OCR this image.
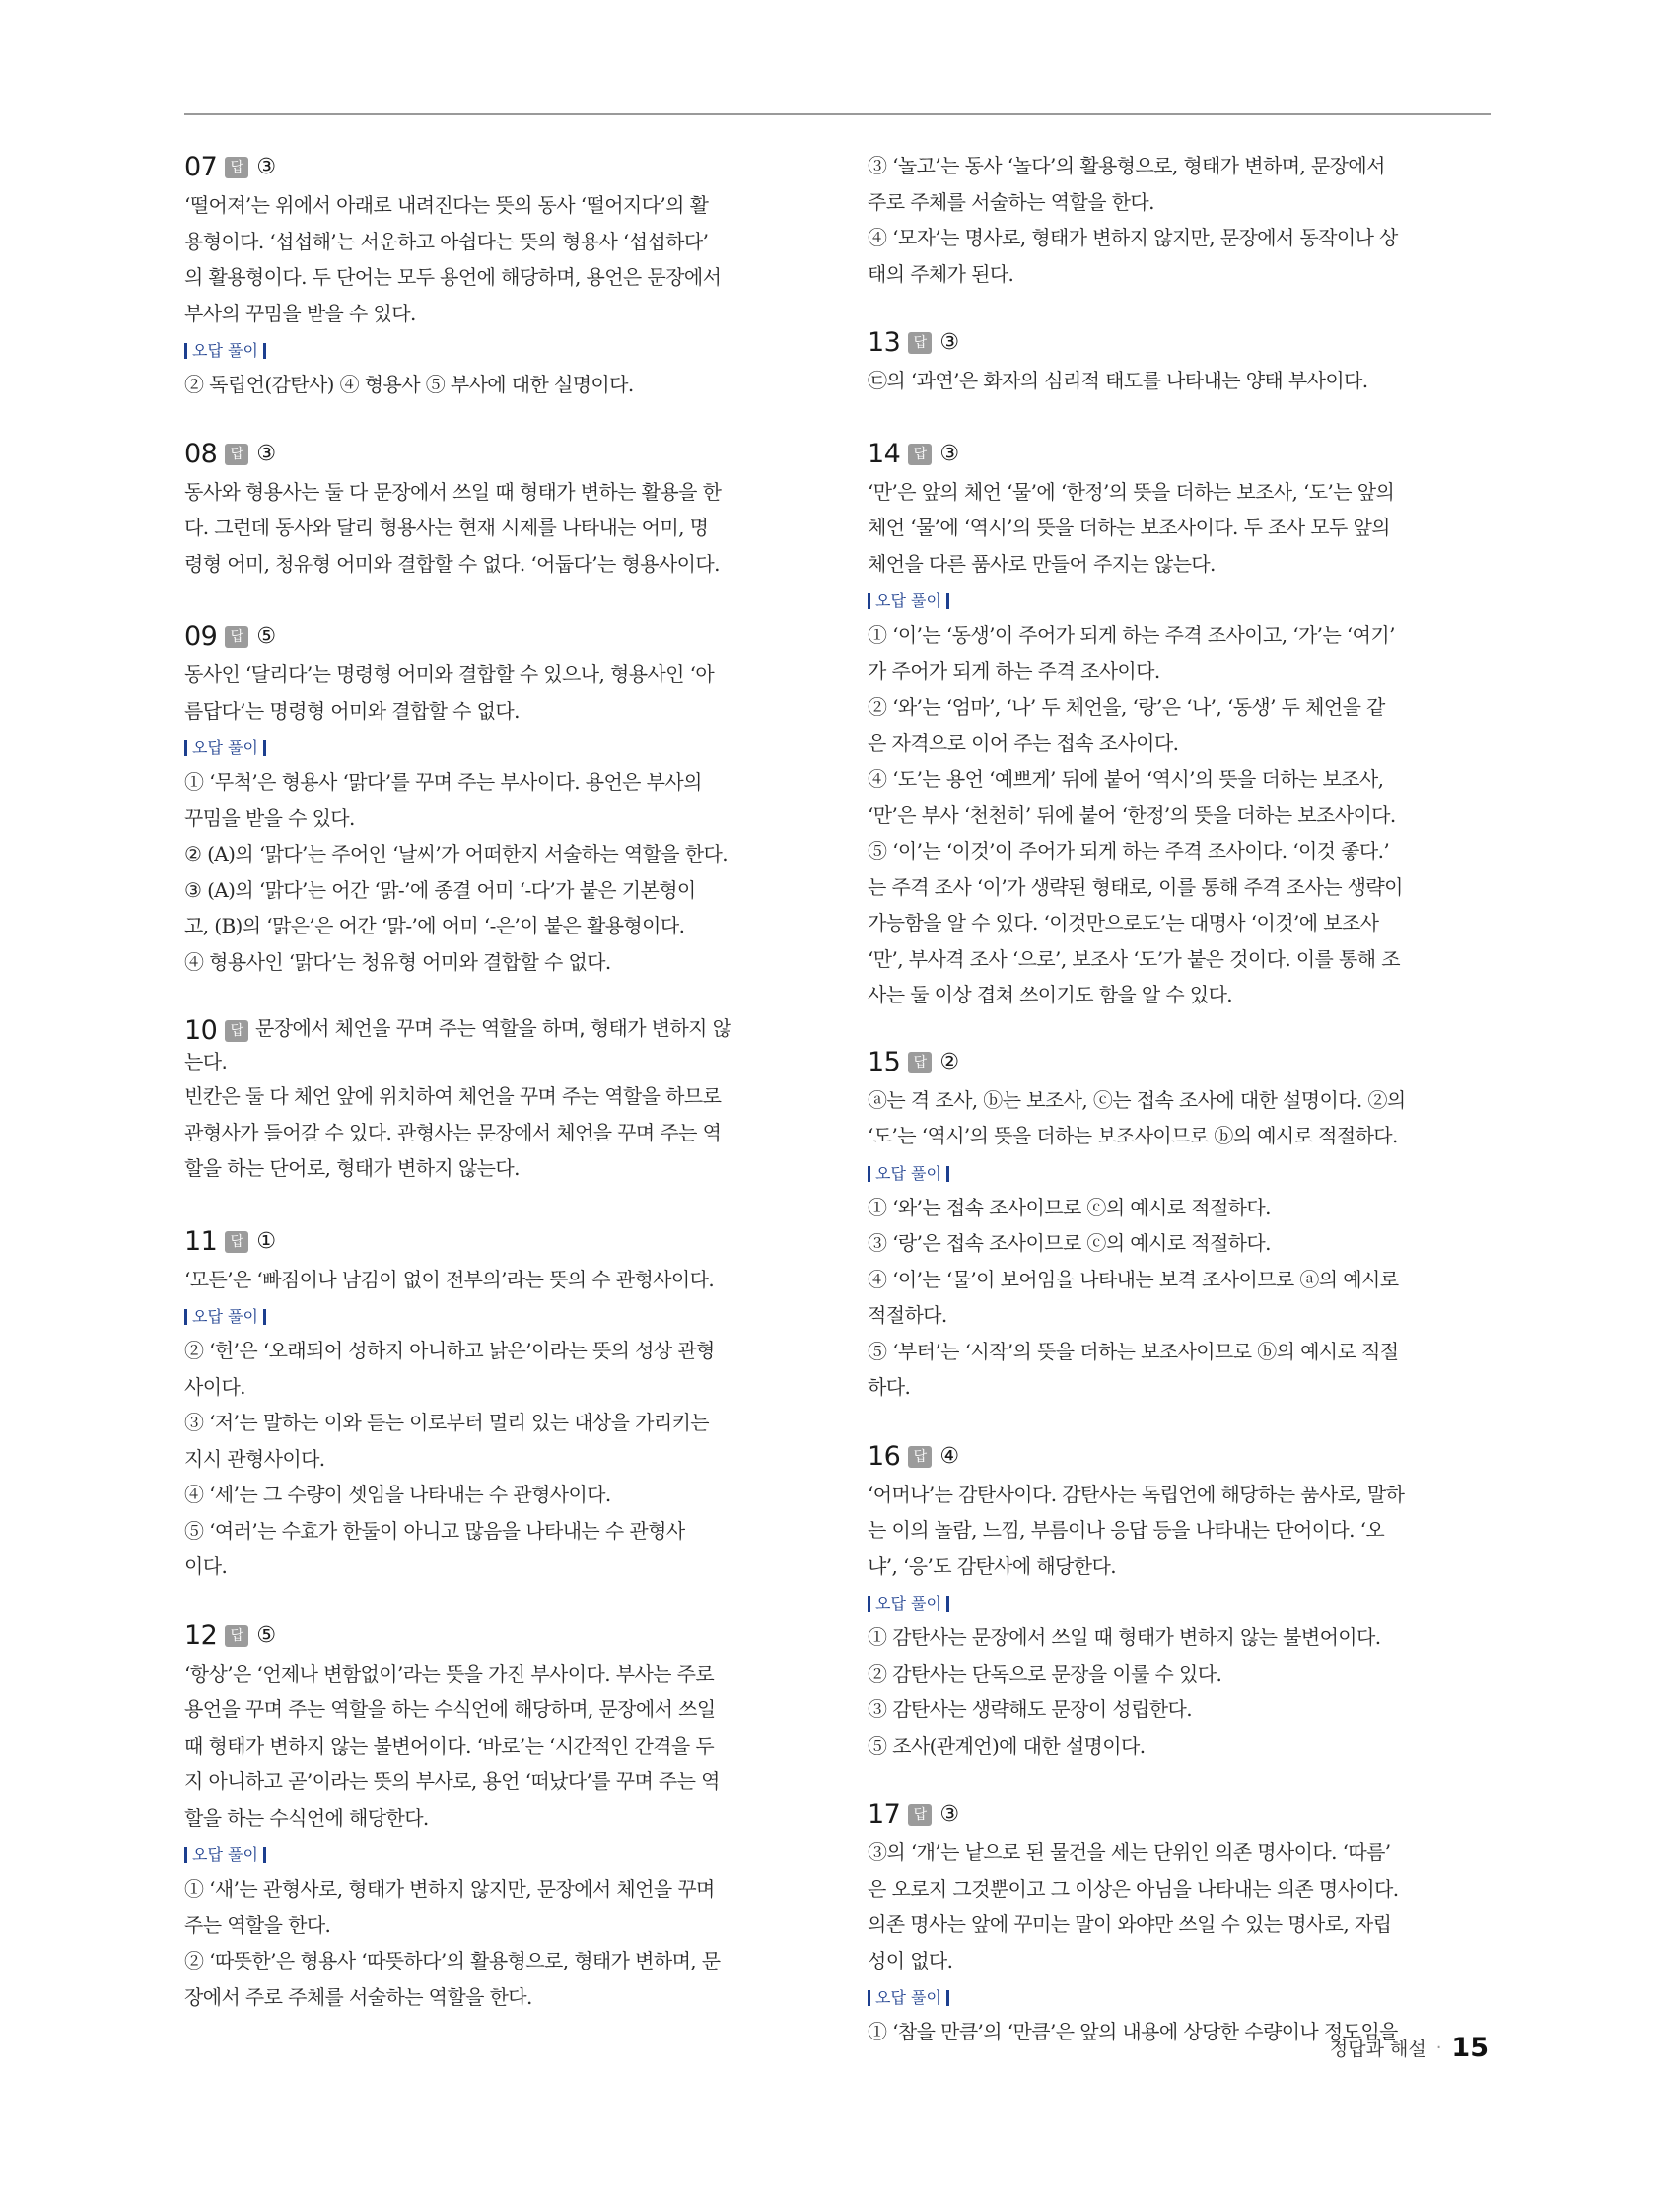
07 답 ③

‘떨어져’는 위에서 아래로 내려진다는 뜻의 동사 ‘떨어지다’의 활
용형이다. ‘섭섭해’는 서운하고 아쉽다는 뜻의 형용사 ‘섭섭하다’
의 활용형이다. 두 단어는 모두 용언에 해당하며, 용언은 문장에서
부사의 꾸밈을 받을 수 있다.

오답 풀이

② 독립언(감탄사) ④ 형용사 ⑤ 부사에 대한 설명이다.

08 답 ③

동사와 형용사는 둘 다 문장에서 쓰일 때 형태가 변하는 활용을 한
다. 그런데 동사와 달리 형용사는 현재 시제를 나타내는 어미, 명
령형 어미, 청유형 어미와 결합할 수 없다. ‘어둡다’는 형용사이다.

09 답 ⑤

동사인 ‘달리다’는 명령형 어미와 결합할 수 있으나, 형용사인 ‘아
름답다’는 명령형 어미와 결합할 수 없다.

오답 풀이

① ‘무척’은 형용사 ‘맑다’를 꾸며 주는 부사이다. 용언은 부사의
꾸밈을 받을 수 있다.
② (A)의 ‘맑다’는 주어인 ‘날씨’가 어떠한지 서술하는 역할을 한다.
③ (A)의 ‘맑다’는 어간 ‘맑-’에 종결 어미 ‘-다’가 붙은 기본형이
고, (B)의 ‘맑은’은 어간 ‘맑-’에 어미 ‘-은’이 붙은 활용형이다.
④ 형용사인 ‘맑다’는 청유형 어미와 결합할 수 없다.

10 답 문장에서 체언을 꾸며 주는 역할을 하며, 형태가 변하지 않
는다.

빈칸은 둘 다 체언 앞에 위치하여 체언을 꾸며 주는 역할을 하므로
관형사가 들어갈 수 있다. 관형사는 문장에서 체언을 꾸며 주는 역
할을 하는 단어로, 형태가 변하지 않는다.

11 답 ①

‘모든’은 ‘빠짐이나 남김이 없이 전부의’라는 뜻의 수 관형사이다.

오답 풀이

② ‘헌’은 ‘오래되어 성하지 아니하고 낡은’이라는 뜻의 성상 관형
사이다.
③ ‘저’는 말하는 이와 듣는 이로부터 멀리 있는 대상을 가리키는
지시 관형사이다.
④ ‘세’는 그 수량이 셋임을 나타내는 수 관형사이다.
⑤ ‘여러’는 수효가 한둘이 아니고 많음을 나타내는 수 관형사
이다.

12 답 ⑤

‘항상’은 ‘언제나 변함없이’라는 뜻을 가진 부사이다. 부사는 주로
용언을 꾸며 주는 역할을 하는 수식언에 해당하며, 문장에서 쓰일
때 형태가 변하지 않는 불변어이다. ‘바로’는 ‘시간적인 간격을 두
지 아니하고 곧’이라는 뜻의 부사로, 용언 ‘떠났다’를 꾸며 주는 역
할을 하는 수식언에 해당한다.

오답 풀이

① ‘새’는 관형사로, 형태가 변하지 않지만, 문장에서 체언을 꾸며
주는 역할을 한다.
② ‘따뜻한’은 형용사 ‘따뜻하다’의 활용형으로, 형태가 변하며, 문
장에서 주로 주체를 서술하는 역할을 한다.

③ ‘놀고’는 동사 ‘놀다’의 활용형으로, 형태가 변하며, 문장에서
주로 주체를 서술하는 역할을 한다.
④ ‘모자’는 명사로, 형태가 변하지 않지만, 문장에서 동작이나 상
태의 주체가 된다.

13 답 ③

㉢의 ‘과연’은 화자의 심리적 태도를 나타내는 양태 부사이다.

14 답 ③

‘만’은 앞의 체언 ‘물’에 ‘한정’의 뜻을 더하는 보조사, ‘도’는 앞의
체언 ‘물’에 ‘역시’의 뜻을 더하는 보조사이다. 두 조사 모두 앞의
체언을 다른 품사로 만들어 주지는 않는다.

오답 풀이

① ‘이’는 ‘동생’이 주어가 되게 하는 주격 조사이고, ‘가’는 ‘여기’
가 주어가 되게 하는 주격 조사이다.
② ‘와’는 ‘엄마’, ‘나’ 두 체언을, ‘랑’은 ‘나’, ‘동생’ 두 체언을 같
은 자격으로 이어 주는 접속 조사이다.
④ ‘도’는 용언 ‘예쁘게’ 뒤에 붙어 ‘역시’의 뜻을 더하는 보조사,
‘만’은 부사 ‘천천히’ 뒤에 붙어 ‘한정’의 뜻을 더하는 보조사이다.
⑤ ‘이’는 ‘이것’이 주어가 되게 하는 주격 조사이다. ‘이것 좋다.’
는 주격 조사 ‘이’가 생략된 형태로, 이를 통해 주격 조사는 생략이
가능함을 알 수 있다. ‘이것만으로도’는 대명사 ‘이것’에 보조사
‘만’, 부사격 조사 ‘으로’, 보조사 ‘도’가 붙은 것이다. 이를 통해 조
사는 둘 이상 겹쳐 쓰이기도 함을 알 수 있다.

15 답 ②

ⓐ는 격 조사, ⓑ는 보조사, ⓒ는 접속 조사에 대한 설명이다. ②의
‘도’는 ‘역시’의 뜻을 더하는 보조사이므로 ⓑ의 예시로 적절하다.

오답 풀이

① ‘와’는 접속 조사이므로 ⓒ의 예시로 적절하다.
③ ‘랑’은 접속 조사이므로 ⓒ의 예시로 적절하다.
④ ‘이’는 ‘물’이 보어임을 나타내는 보격 조사이므로 ⓐ의 예시로
적절하다.
⑤ ‘부터’는 ‘시작’의 뜻을 더하는 보조사이므로 ⓑ의 예시로 적절
하다.

16 답 ④

‘어머나’는 감탄사이다. 감탄사는 독립언에 해당하는 품사로, 말하
는 이의 놀람, 느낌, 부름이나 응답 등을 나타내는 단어이다. ‘오
냐’, ‘응’도 감탄사에 해당한다.

오답 풀이

① 감탄사는 문장에서 쓰일 때 형태가 변하지 않는 불변어이다.
② 감탄사는 단독으로 문장을 이룰 수 있다.
③ 감탄사는 생략해도 문장이 성립한다.
⑤ 조사(관계언)에 대한 설명이다.

17 답 ③

③의 ‘개’는 낱으로 된 물건을 세는 단위인 의존 명사이다. ‘따름’
은 오로지 그것뿐이고 그 이상은 아님을 나타내는 의존 명사이다.
의존 명사는 앞에 꾸미는 말이 와야만 쓰일 수 있는 명사로, 자립
성이 없다.

오답 풀이

① ‘참을 만큼’의 ‘만큼’은 앞의 내용에 상당한 수량이나 정도임을

정답과 해설 · 15
